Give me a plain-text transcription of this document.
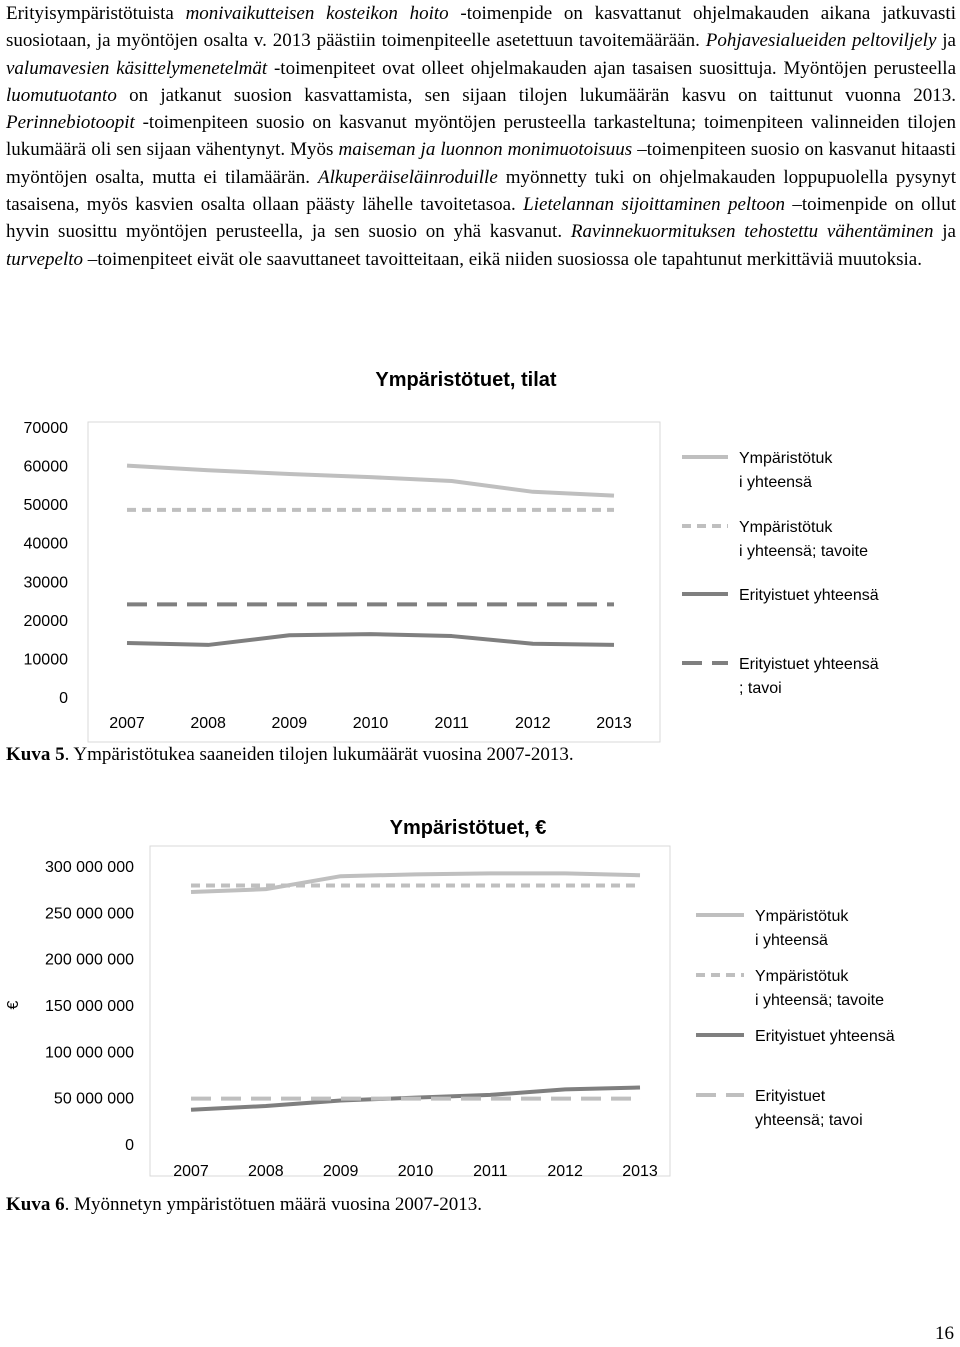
Erityisympäristötuista monivaikutteisen kosteikon hoito -toimenpide on kasvattanut ohjelmakauden aikana jatkuvasti suosiotaan, ja myöntöjen osalta v. 2013 päästiin toimenpiteelle asetettuun tavoitemäärään. Pohjavesialueiden peltoviljely ja valumavesien käsittelymenetelmät -toimenpiteet ovat olleet ohjelmakauden ajan tasaisen suosittuja. Myöntöjen perusteella luomutuotanto on jatkanut suosion kasvattamista, sen sijaan tilojen lukumäärän kasvu on taittunut vuonna 2013. Perinnebiotoopit -toimenpiteen suosio on kasvanut myöntöjen perusteella tarkasteltuna; toimenpiteen valinneiden tilojen lukumäärä oli sen sijaan vähentynyt. Myös maiseman ja luonnon monimuotoisuus –toimenpiteen suosio on kasvanut hitaasti myöntöjen osalta, mutta ei tilamäärän. Alkuperäiseläinroduille myönnetty tuki on ohjelmakauden loppupuolella pysynyt tasaisena, myös kasvien osalta ollaan päästy lähelle tavoitetasoa. Lietelannan sijoittaminen peltoon –toimenpide on ollut hyvin suosittu myöntöjen perusteella, ja sen suosio on yhä kasvanut. Ravinnekuormituksen tehostettu vähentäminen ja turvepelto –toimenpiteet eivät ole saavuttaneet tavoitteitaan, eikä niiden suosiossa ole tapahtunut merkittäviä muutoksia.

Ympäristötuet, tilat
0
10000
20000
30000
40000
50000
60000
70000
2007	2008	2009	2010	2011	2012	2013
Ympäristötuk i yhteensä
Ympäristötuk i yhteensä; tavoite
Erityistuet yhteensä
Erityistuet yhteensä ; tavoi
Kuva 5. Ympäristötukea saaneiden tilojen lukumäärät vuosina 2007-2013.
Ympäristötuet, €
0
50 000 000
100 000 000
150 000 000
200 000 000
250 000 000
300 000 000
€
2007 2008 2009 2010 2011 2012 2013
Ympäristötuk i yhteensä
Ympäristötuk i yhteensä; tavoite
Erityistuet yhteensä
Erityistuet yhteensä; tavoi
Kuva 6. Myönnetyn ympäristötuen määrä vuosina 2007-2013.
16
